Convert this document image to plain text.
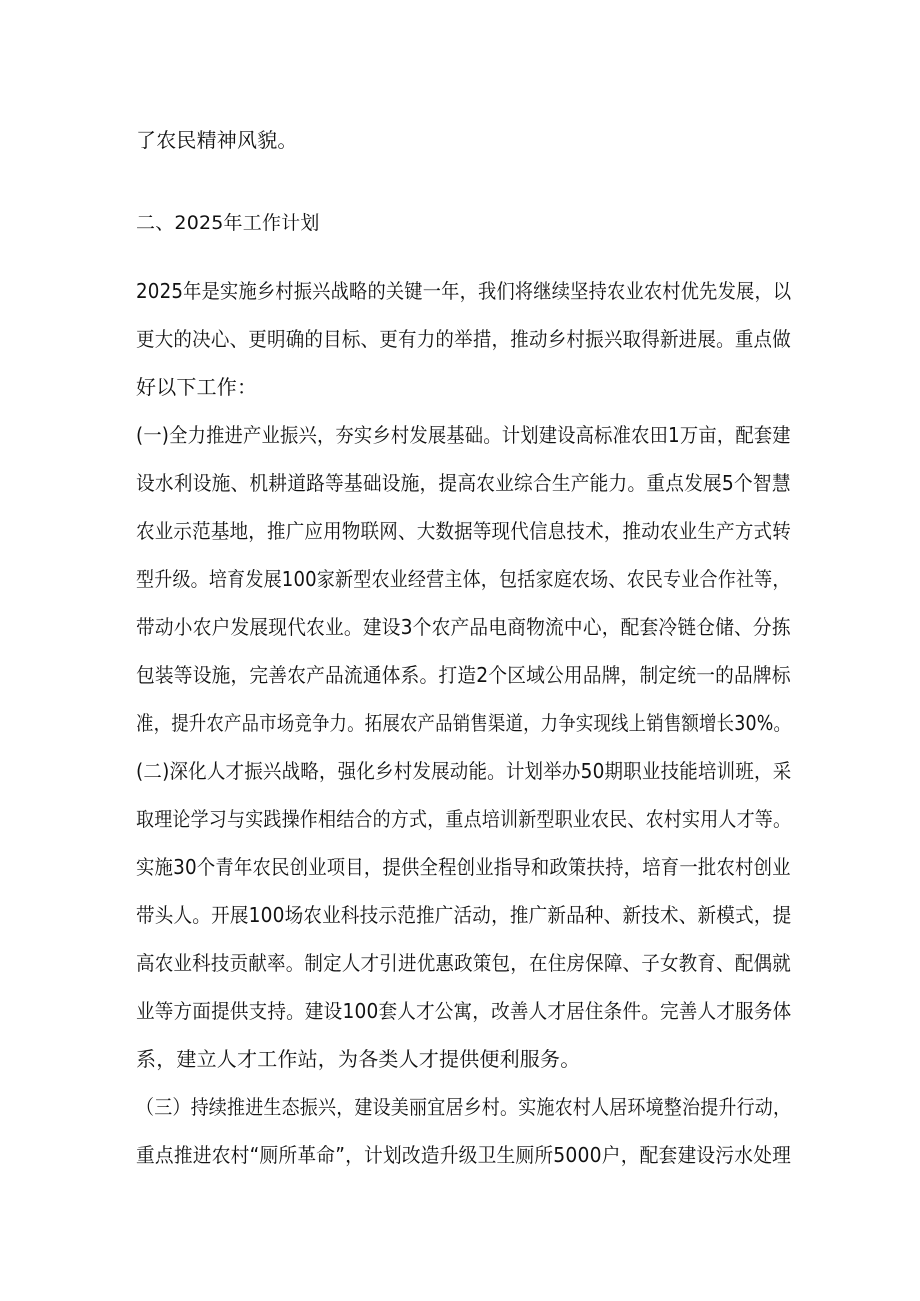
了农民精神风貌。
二、2025年工作计划
2025年是实施乡村振兴战略的关键一年，我们将继续坚持农业农村优先发展，以
更大的决心、更明确的目标、更有力的举措，推动乡村振兴取得新进展。重点做
好以下工作：
(一)全力推进产业振兴，夯实乡村发展基础。计划建设高标准农田1万亩，配套建
设水利设施、机耕道路等基础设施，提高农业综合生产能力。重点发展5个智慧
农业示范基地，推广应用物联网、大数据等现代信息技术，推动农业生产方式转
型升级。培育发展100家新型农业经营主体，包括家庭农场、农民专业合作社等，
带动小农户发展现代农业。建设3个农产品电商物流中心，配套冷链仓储、分拣
包装等设施，完善农产品流通体系。打造2个区域公用品牌，制定统一的品牌标
准，提升农产品市场竞争力。拓展农产品销售渠道，力争实现线上销售额增长30%。
(二)深化人才振兴战略，强化乡村发展动能。计划举办50期职业技能培训班，采
取理论学习与实践操作相结合的方式，重点培训新型职业农民、农村实用人才等。
实施30个青年农民创业项目，提供全程创业指导和政策扶持，培育一批农村创业
带头人。开展100场农业科技示范推广活动，推广新品种、新技术、新模式，提
高农业科技贡献率。制定人才引进优惠政策包，在住房保障、子女教育、配偶就
业等方面提供支持。建设100套人才公寓，改善人才居住条件。完善人才服务体
系，建立人才工作站，为各类人才提供便利服务。
（三）持续推进生态振兴，建设美丽宜居乡村。实施农村人居环境整治提升行动，
重点推进农村“厕所革命”，计划改造升级卫生厕所5000户，配套建设污水处理
